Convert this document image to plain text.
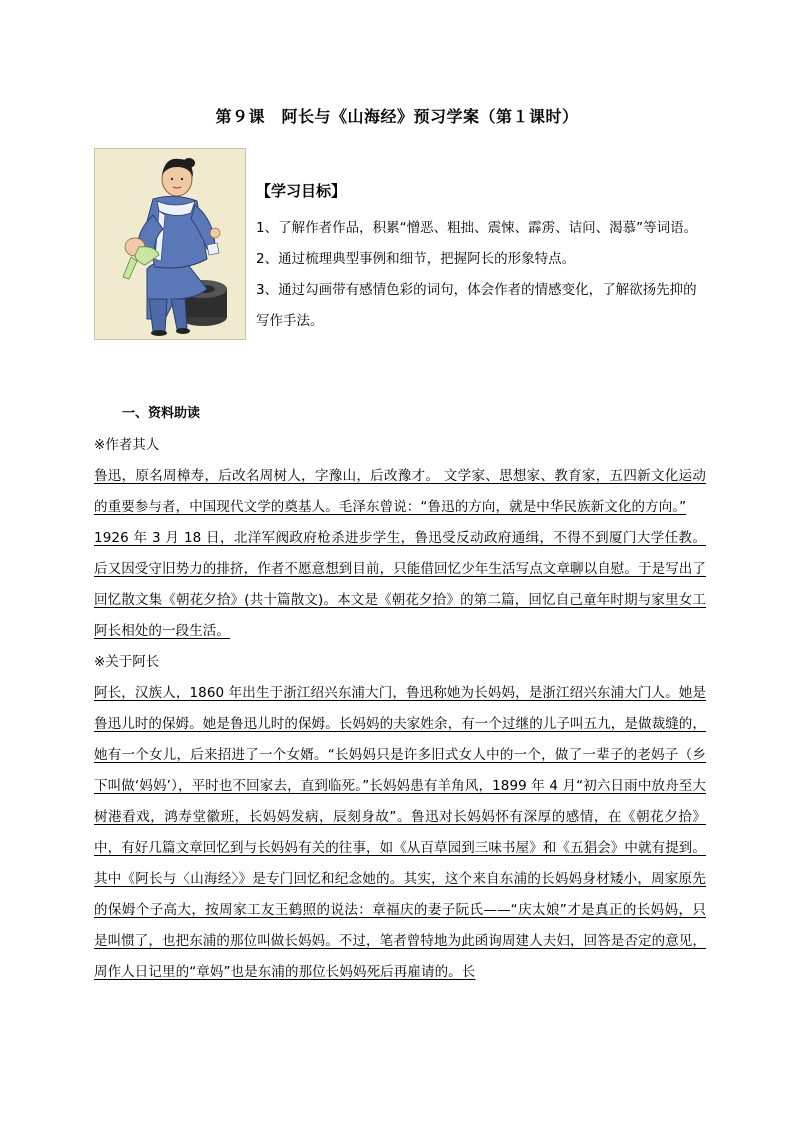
第９课　阿长与《山海经》预习学案（第１课时）
【学习目标】

1、了解作者作品，积累“憎恶、粗拙、震悚、霹雳、诘问、渴慕”等词语。

2、通过梳理典型事例和细节，把握阿长的形象特点。

3、通过勾画带有感情色彩的词句，体会作者的情感变化，了解欲扬先抑的写作手法。

一、资料助读
※作者其人

鲁迅，原名周樟寿，后改名周树人，字豫山，后改豫才。 文学家、思想家、教育家，五四新文化运动的重要参与者，中国现代文学的奠基人。毛泽东曾说：“鲁迅的方向，就是中华民族新文化的方向。”

1926 年 3 月 18 日，北洋军阀政府枪杀进步学生，鲁迅受反动政府通缉，不得不到厦门大学任教。后又因受守旧势力的排挤，作者不愿意想到目前，只能借回忆少年生活写点文章聊以自慰。于是写出了回忆散文集《朝花夕拾》(共十篇散文)。本文是《朝花夕拾》的第二篇，回忆自己童年时期与家里女工阿长相处的一段生活。

※关于阿长

阿长，汉族人，1860 年出生于浙江绍兴东浦大门，鲁迅称她为长妈妈，是浙江绍兴东浦大门人。她是鲁迅儿时的保姆。她是鲁迅儿时的保姆。长妈妈的夫家姓余，有一个过继的儿子叫五九，是做裁缝的，她有一个女儿，后来招进了一个女婿。“长妈妈只是许多旧式女人中的一个，做了一辈子的老妈子（乡下叫做‘妈妈’），平时也不回家去，直到临死。”长妈妈患有羊角风，1899 年 4 月“初六日雨中放舟至大树港看戏，鸿寿堂徽班，长妈妈发病，辰刻身故”。鲁迅对长妈妈怀有深厚的感情，在《朝花夕拾》中，有好几篇文章回忆到与长妈妈有关的往事，如《从百草园到三味书屋》和《五猖会》中就有提到。其中《阿长与〈山海经〉》是专门回忆和纪念她的。其实，这个来自东浦的长妈妈身材矮小，周家原先的保姆个子高大，按周家工友王鹤照的说法：章福庆的妻子阮氏——“庆太娘”才是真正的长妈妈，只是叫惯了，也把东浦的那位叫做长妈妈。不过，笔者曾特地为此函询周建人夫妇，回答是否定的意见，周作人日记里的“章妈”也是东浦的那位长妈妈死后再雇请的。长
